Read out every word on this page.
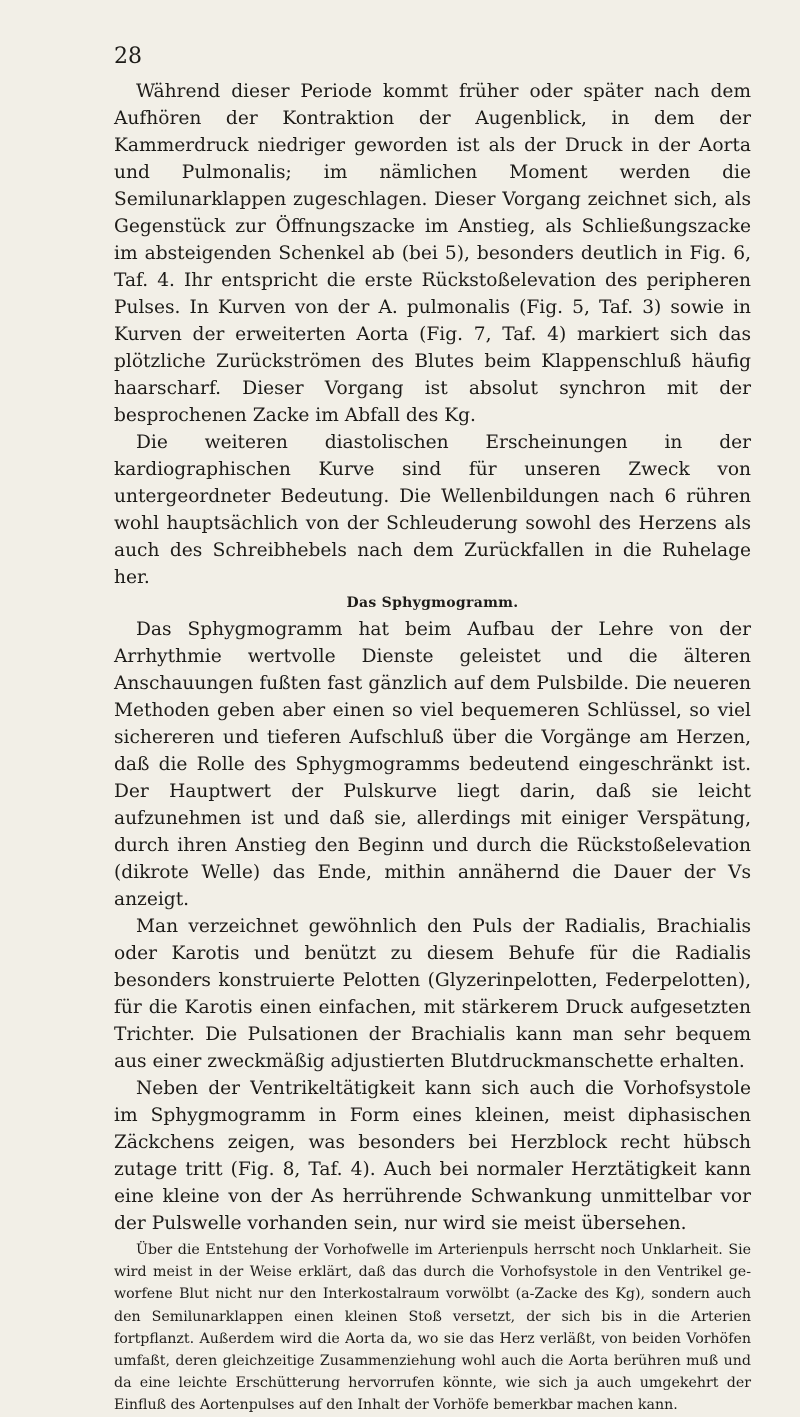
28

Während dieser Periode kommt früher oder später nach dem Aufhören der Kontraktion der Augenblick, in dem der Kammerdruck niedriger geworden ist als der Druck in der Aorta und Pulmonalis; im nämlichen Moment werden die Semilunarklappen zugeschlagen. Dieser Vorgang zeichnet sich, als Gegenstück zur Öffnungszacke im Anstieg, als Schließungszacke im absteigenden Schenkel ab (bei 5), besonders deutlich in Fig. 6, Taf. 4. Ihr entspricht die erste Rückstoßelevation des peripheren Pulses. In Kurven von der A. pulmonalis (Fig. 5, Taf. 3) sowie in Kurven der erweiterten Aorta (Fig. 7, Taf. 4) markiert sich das plötzliche Zurückströmen des Blutes beim Klappenschluß häufig haarscharf. Dieser Vorgang ist absolut synchron mit der besprochenen Zacke im Abfall des Kg.

Die weiteren diastolischen Erscheinungen in der kardiographischen Kurve sind für unseren Zweck von untergeordneter Bedeutung. Die Wellenbildungen nach 6 rühren wohl hauptsächlich von der Schleuderung sowohl des Herzens als auch des Schreibhebels nach dem Zurückfallen in die Ruhelage her.

Das Sphygmogramm.

Das Sphygmogramm hat beim Aufbau der Lehre von der Arrhythmie wertvolle Dienste geleistet und die älteren Anschauungen fußten fast gänzlich auf dem Pulsbilde. Die neueren Methoden geben aber einen so viel bequemeren Schlüssel, so viel sichereren und tieferen Aufschluß über die Vorgänge am Herzen, daß die Rolle des Sphygmogramms bedeutend eingeschränkt ist. Der Hauptwert der Pulskurve liegt darin, daß sie leicht aufzunehmen ist und daß sie, allerdings mit einiger Verspätung, durch ihren Anstieg den Beginn und durch die Rückstoßelevation (dikrote Welle) das Ende, mithin annähernd die Dauer der Vs anzeigt.

Man verzeichnet gewöhnlich den Puls der Radialis, Brachialis oder Karotis und benützt zu diesem Behufe für die Radialis besonders konstruierte Pelotten (Glyzerinpelotten, Federpelotten), für die Karotis einen einfachen, mit stärkerem Druck aufgesetzten Trichter. Die Pulsationen der Brachialis kann man sehr bequem aus einer zweckmäßig adjustierten Blutdruckmanschette erhalten.

Neben der Ventrikeltätigkeit kann sich auch die Vorhofsystole im Sphygmogramm in Form eines kleinen, meist diphasischen Zäckchens zeigen, was besonders bei Herzblock recht hübsch zutage tritt (Fig. 8, Taf. 4). Auch bei normaler Herztätigkeit kann eine kleine von der As herrührende Schwankung unmittelbar vor der Pulswelle vorhanden sein, nur wird sie meist übersehen.

Über die Entstehung der Vorhofwelle im Arterienpuls herrscht noch Unklarheit. Sie wird meist in der Weise erklärt, daß das durch die Vorhofsystole in den Ventrikel geworfene Blut nicht nur den Interkostalraum vorwölbt (a-Zacke des Kg), sondern auch den Semilunarklappen einen kleinen Stoß versetzt, der sich bis in die Arterien fortpflanzt. Außerdem wird die Aorta da, wo sie das Herz verläßt, von beiden Vorhöfen umfaßt, deren gleichzeitige Zusammenziehung wohl auch die Aorta berühren muß und da eine leichte Erschütterung hervorrufen könnte, wie sich ja auch umgekehrt der Einfluß des Aortenpulses auf den Inhalt der Vorhöfe bemerkbar machen kann.
